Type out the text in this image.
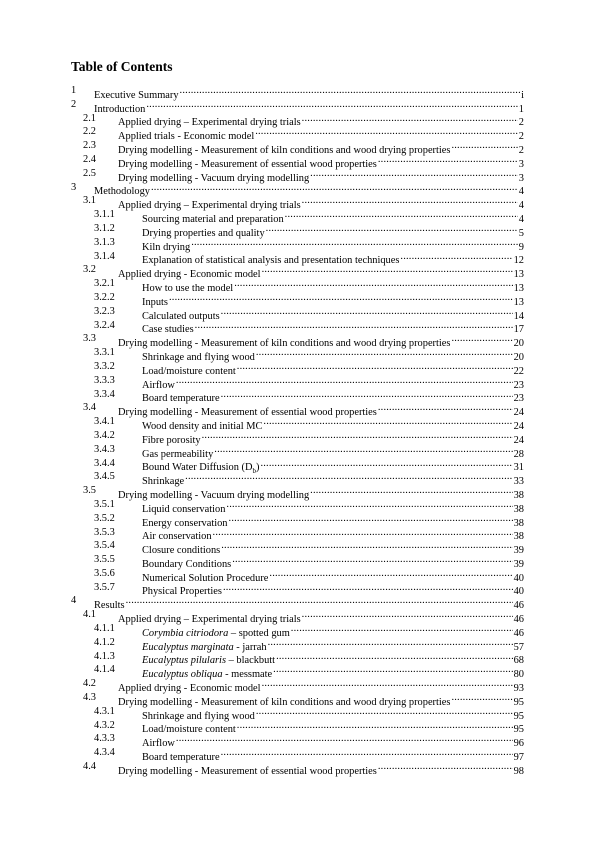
Table of Contents
1 Executive Summary .....	i
2 Introduction .....	1
2.1 Applied drying – Experimental drying trials .....	2
2.2 Applied trials - Economic model .....	2
2.3 Drying modelling - Measurement of kiln conditions and wood drying properties .....	2
2.4 Drying modelling - Measurement of essential wood properties .....	3
2.5 Drying modelling - Vacuum drying modelling .....	3
3 Methodology .....	4
3.1 Applied drying – Experimental drying trials .....	4
3.1.1	Sourcing material and preparation .....	4
3.1.2	Drying properties and quality .....	5
3.1.3	Kiln drying .....	9
3.1.4	Explanation of statistical analysis and presentation techniques .....	12
3.2 Applied drying - Economic model .....	13
3.2.1	How to use the model .....	13
3.2.2	Inputs .....	13
3.2.3	Calculated outputs .....	14
3.2.4	Case studies .....	17
3.3 Drying modelling - Measurement of kiln conditions and wood drying properties .....	20
3.3.1	Shrinkage and flying wood .....	20
3.3.2	Load/moisture content .....	22
3.3.3	Airflow .....	23
3.3.4	Board temperature .....	23
3.4 Drying modelling - Measurement of essential wood properties .....	24
3.4.1	Wood density and initial MC .....	24
3.4.2	Fibre porosity .....	24
3.4.3	Gas permeability .....	28
3.4.4	Bound Water Diffusion $(D_b)$ .....	31
3.4.5	Shrinkage .....	33
3.5 Drying modelling - Vacuum drying modelling .....	38
3.5.1	Liquid conservation .....	38
3.5.2	Energy conservation .....	38
3.5.3	Air conservation .....	38
3.5.4	Closure conditions .....	39
3.5.5	Boundary Conditions .....	39
3.5.6	Numerical Solution Procedure .....	40
3.5.7	Physical Properties .....	40
4 Results .....	46
4.1 Applied drying – Experimental drying trials .....	46
4.1.1	Corymbia citriodora – spotted gum .....	46
4.1.2	Eucalyptus marginata - jarrah .....	57
4.1.3	Eucalyptus pilularis – blackbutt .....	68
4.1.4	Eucalyptus obliqua - messmate .....	80
4.2 Applied drying - Economic model .....	93
4.3 Drying modelling - Measurement of kiln conditions and wood drying properties .....	95
4.3.1	Shrinkage and flying wood .....	95
4.3.2	Load/moisture content .....	95
4.3.3	Airflow .....	96
4.3.4	Board temperature .....	97
4.4 Drying modelling - Measurement of essential wood properties .....	98
